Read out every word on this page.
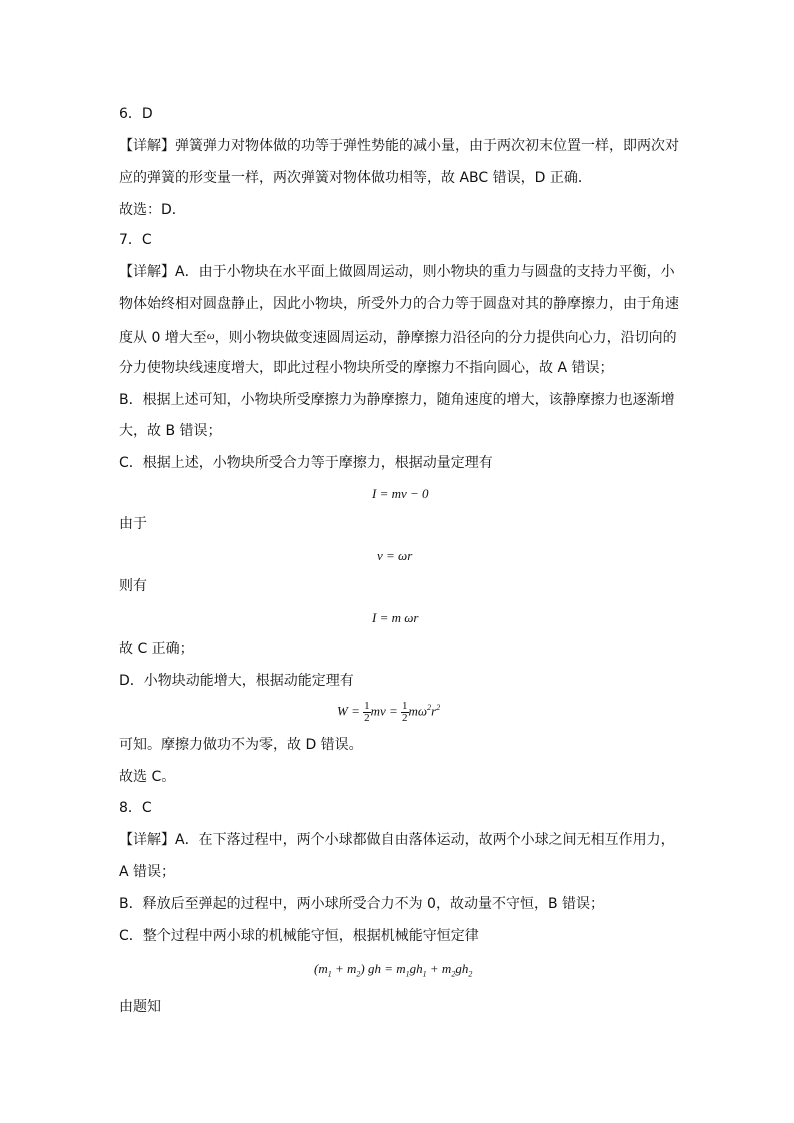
6．D
【详解】弹簧弹力对物体做的功等于弹性势能的减小量，由于两次初末位置一样，即两次对
应的弹簧的形变量一样，两次弹簧对物体做功相等，故 ABC 错误，D 正确．
故选：D．
7．C
【详解】A．由于小物块在水平面上做圆周运动，则小物块的重力与圆盘的支持力平衡，小
物体始终相对圆盘静止，因此小物块，所受外力的合力等于圆盘对其的静摩擦力，由于角速
度从 0 增大至$^\omega$，则小物块做变速圆周运动，静摩擦力沿径向的分力提供向心力，沿切向的
分力使物块线速度增大，即此过程小物块所受的摩擦力不指向圆心，故 A 错误；
B．根据上述可知，小物块所受摩擦力为静摩擦力，随角速度的增大，该静摩擦力也逐渐增
大，故 B 错误；
C．根据上述，小物块所受合力等于摩擦力，根据动量定理有
I = mv − 0
由于
v = ωr
则有
I = m ωr
故 C 正确；
D．小物块动能增大，根据动能定理有
$W = \frac{1}{2}$ mv = $\frac{1}{2} m\omega^2r^2$
可知。摩擦力做功不为零，故 D 错误。
故选 C。
8．C
【详解】A．在下落过程中，两个小球都做自由落体运动，故两个小球之间无相互作用力，
A 错误；
B．释放后至弹起的过程中，两小球所受合力不为 0，故动量不守恒，B 错误；
C．整个过程中两小球的机械能守恒，根据机械能守恒定律
$(m_1 + m_2)$ gh = $m_1gh_1 + m_2gh_2$
由题知
